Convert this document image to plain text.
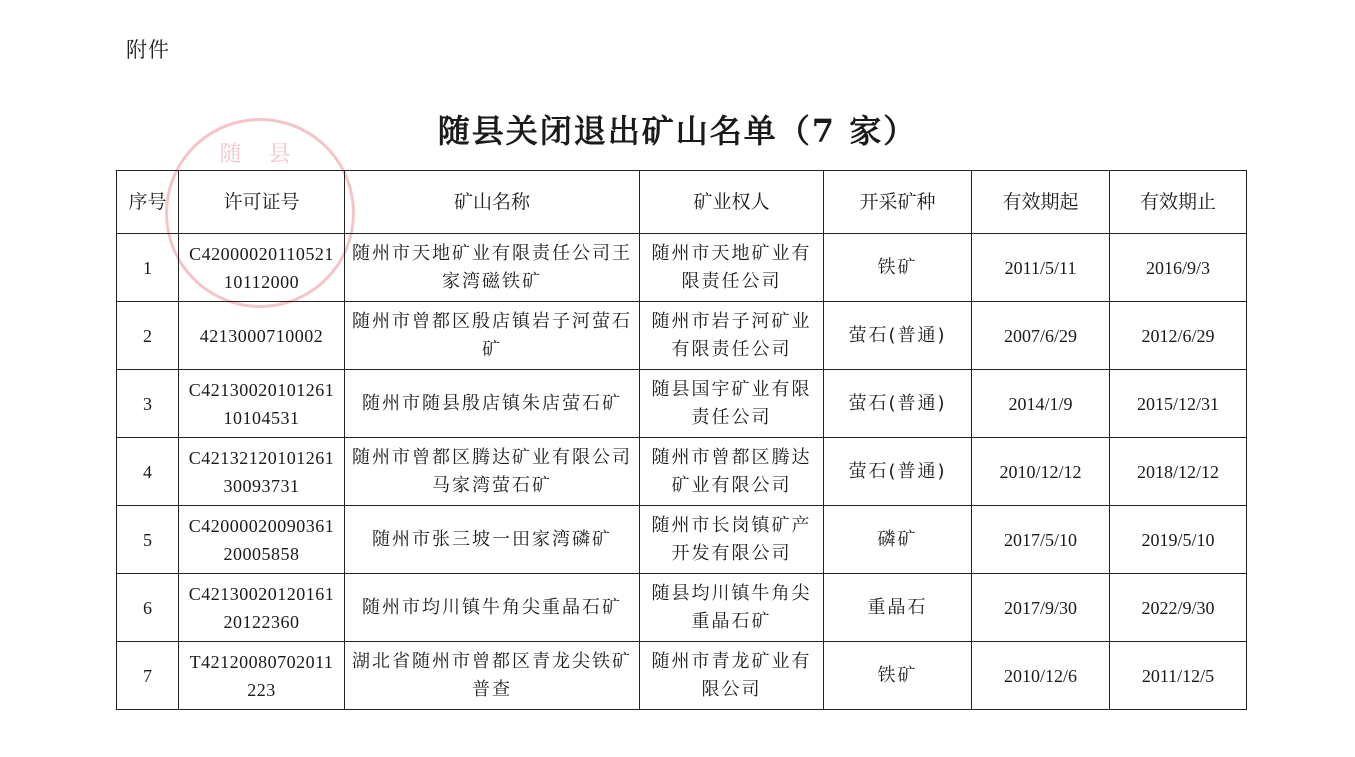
附件
随 县
随县关闭退出矿山名单（7 家）
序号	许可证号	矿山名称	矿业权人	开采矿种	有效期起	有效期止
1	C4200002011052110112000	随州市天地矿业有限责任公司王家湾磁铁矿	随州市天地矿业有限责任公司	铁矿	2011/5/11	2016/9/3
2	4213000710002	随州市曾都区殷店镇岩子河萤石矿	随州市岩子河矿业有限责任公司	萤石(普通)	2007/6/29	2012/6/29
3	C4213002010126110104531	随州市随县殷店镇朱店萤石矿	随县国宇矿业有限责任公司	萤石(普通)	2014/1/9	2015/12/31
4	C4213212010126130093731	随州市曾都区腾达矿业有限公司马家湾萤石矿	随州市曾都区腾达矿业有限公司	萤石(普通)	2010/12/12	2018/12/12
5	C4200002009036120005858	随州市张三坡一田家湾磷矿	随州市长岗镇矿产开发有限公司	磷矿	2017/5/10	2019/5/10
6	C4213002012016120122360	随州市均川镇牛角尖重晶石矿	随县均川镇牛角尖重晶石矿	重晶石	2017/9/30	2022/9/30
7	T42120080702011223	湖北省随州市曾都区青龙尖铁矿普查	随州市青龙矿业有限公司	铁矿	2010/12/6	2011/12/5
